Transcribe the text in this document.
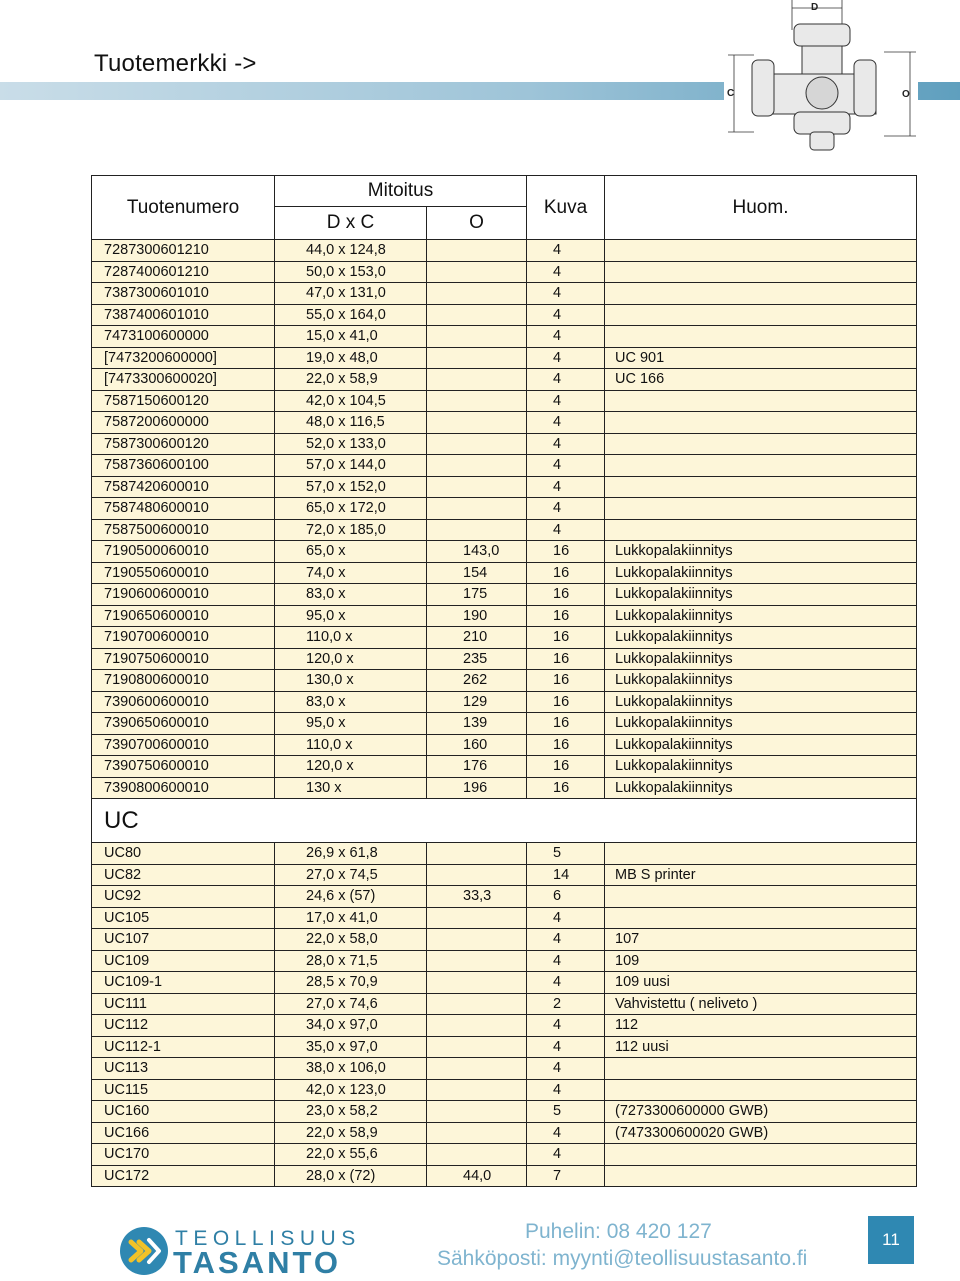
Tuotemerkki ->
D
C	O
Tuotenumero	Mitoitus		Kuva	Huom.
	D x C	O		
7287300601210	44,0 x 124,8		4	
7287400601210	50,0 x 153,0		4	
7387300601010	47,0 x 131,0		4	
7387400601010	55,0 x 164,0		4	
7473100600000	15,0 x 41,0		4	
[7473200600000]	19,0 x 48,0		4	UC 901
[7473300600020]	22,0 x 58,9		4	UC 166
7587150600120	42,0 x 104,5		4	
7587200600000	48,0 x 116,5		4	
7587300600120	52,0 x 133,0		4	
7587360600100	57,0 x 144,0		4	
7587420600010	57,0 x 152,0		4	
7587480600010	65,0 x 172,0		4	
7587500600010	72,0 x 185,0		4	
7190500060010	65,0 x	143,0	16	Lukkopalakiinnitys
7190550600010	74,0 x	154	16	Lukkopalakiinnitys
7190600600010	83,0 x	175	16	Lukkopalakiinnitys
7190650600010	95,0 x	190	16	Lukkopalakiinnitys
7190700600010	110,0 x	210	16	Lukkopalakiinnitys
7190750600010	120,0 x	235	16	Lukkopalakiinnitys
7190800600010	130,0 x	262	16	Lukkopalakiinnitys
7390600600010	83,0 x	129	16	Lukkopalakiinnitys
7390650600010	95,0 x	139	16	Lukkopalakiinnitys
7390700600010	110,0 x	160	16	Lukkopalakiinnitys
7390750600010	120,0 x	176	16	Lukkopalakiinnitys
7390800600010	130 x	196	16	Lukkopalakiinnitys
UC				
UC80	26,9 x 61,8		5	
UC82	27,0 x 74,5		14	MB S printer
UC92	24,6 x (57)	33,3	6	
UC105	17,0 x 41,0		4	
UC107	22,0 x 58,0		4	107
UC109	28,0 x 71,5		4	109
UC109-1	28,5 x 70,9		4	109 uusi
UC111	27,0 x 74,6		2	Vahvistettu ( neliveto )
UC112	34,0 x 97,0		4	112
UC112-1	35,0 x 97,0		4	112 uusi
UC113	38,0 x 106,0		4	
UC115	42,0 x 123,0		4	
UC160	23,0 x 58,2		5	(7273300600000 GWB)
UC166	22,0 x 58,9		4	(7473300600020 GWB)
UC170	22,0 x 55,6		4	
UC172	28,0 x (72)	44,0	7	
TEOLLISUUS
TASANTO
Puhelin: 08 420 127
Sähköposti: myynti@teollisuustasanto.fi
11
